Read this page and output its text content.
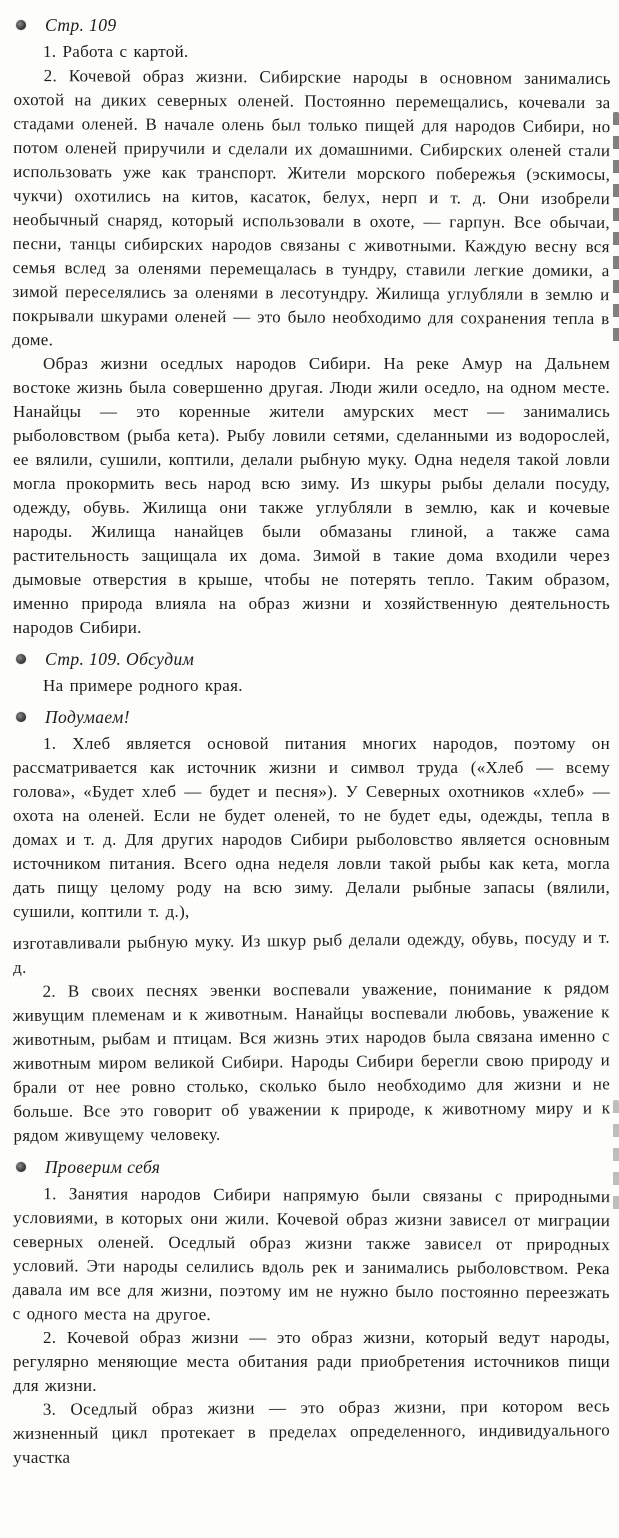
Стр. 109

1. Работа с картой.

2. Кочевой образ жизни. Сибирские народы в основном занимались охотой на диких северных оленей. Постоянно перемещались, кочевали за стадами оленей. В начале олень был только пищей для народов Сибири, но потом оленей приручили и сделали их домашними. Сибирских оленей стали использовать уже как транспорт. Жители морского побережья (эскимосы, чукчи) охотились на китов, касаток, белух, нерп и т. д. Они изобрели необычный снаряд, который использовали в охоте, — гарпун. Все обычаи, песни, танцы сибирских народов связаны с животными. Каждую весну вся семья вслед за оленями перемещалась в тундру, ставили легкие домики, а зимой переселялись за оленями в лесотундру. Жилища углубляли в землю и покрывали шкурами оленей — это было необходимо для сохранения тепла в доме.

Образ жизни оседлых народов Сибири. На реке Амур на Дальнем востоке жизнь была совершенно другая. Люди жили оседло, на одном месте. Нанайцы — это коренные жители амурских мест — занимались рыболовством (рыба кета). Рыбу ловили сетями, сделанными из водорослей, ее вялили, сушили, коптили, делали рыбную муку. Одна неделя такой ловли могла прокормить весь народ всю зиму. Из шкуры рыбы делали посуду, одежду, обувь. Жилища они также углубляли в землю, как и кочевые народы. Жилища нанайцев были обмазаны глиной, а также сама растительность защищала их дома. Зимой в такие дома входили через дымовые отверстия в крыше, чтобы не потерять тепло. Таким образом, именно природа влияла на образ жизни и хозяйственную деятельность народов Сибири.

Стр. 109. Обсудим

На примере родного края.

Подумаем!

1. Хлеб является основой питания многих народов, поэтому он рассматривается как источник жизни и символ труда («Хлеб — всему голова», «Будет хлеб — будет и песня»). У Северных охотников «хлеб» — охота на оленей. Если не будет оленей, то не будет еды, одежды, тепла в домах и т. д. Для других народов Сибири рыболовство является основным источником питания. Всего одна неделя ловли такой рыбы как кета, могла дать пищу целому роду на всю зиму. Делали рыбные запасы (вялили, сушили, коптили т. д.),

изготавливали рыбную муку. Из шкур рыб делали одежду, обувь, посуду и т. д.

2. В своих песнях эвенки воспевали уважение, понимание к рядом живущим племенам и к животным. Нанайцы воспевали любовь, уважение к животным, рыбам и птицам. Вся жизнь этих народов была связана именно с животным миром великой Сибири. Народы Сибири берегли свою природу и брали от нее ровно столько, сколько было необходимо для жизни и не больше. Все это говорит об уважении к природе, к животному миру и к рядом живущему человеку.

Проверим себя

1. Занятия народов Сибири напрямую были связаны с природными условиями, в которых они жили. Кочевой образ жизни зависел от миграции северных оленей. Оседлый образ жизни также зависел от природных условий. Эти народы селились вдоль рек и занимались рыболовством. Река давала им все для жизни, поэтому им не нужно было постоянно переезжать с одного места на другое.

2. Кочевой образ жизни — это образ жизни, который ведут народы, регулярно меняющие места обитания ради приобретения источников пищи для жизни.

3. Оседлый образ жизни — это образ жизни, при котором весь жизненный цикл протекает в пределах определенного, индивидуального участка
